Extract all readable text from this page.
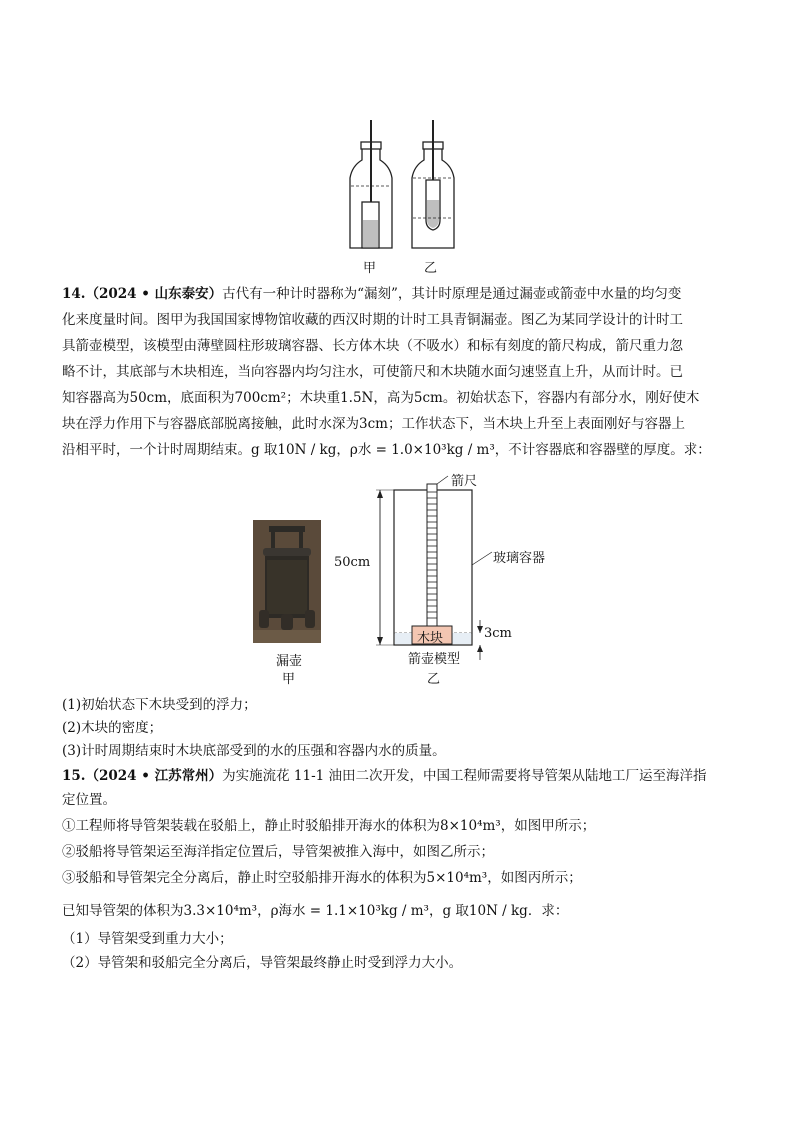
甲	乙
14.（2024 • 山东泰安）古代有一种计时器称为“漏刻”，其计时原理是通过漏壶或箭壶中水量的均匀变
化来度量时间。图甲为我国国家博物馆收藏的西汉时期的计时工具青铜漏壶。图乙为某同学设计的计时工
具箭壶模型，该模型由薄壁圆柱形玻璃容器、长方体木块（不吸水）和标有刻度的箭尺构成，箭尺重力忽
略不计，其底部与木块相连，当向容器内均匀注水，可使箭尺和木块随水面匀速竖直上升，从而计时。已
知容器高为50cm，底面积为700cm²；木块重1.5N，高为5cm。初始状态下，容器内有部分水，刚好使木
块在浮力作用下与容器底部脱离接触，此时水深为3cm；工作状态下，当木块上升至上表面刚好与容器上
沿相平时，一个计时周期结束。g 取10N / kg，ρ水 = 1.0×10³kg / m³，不计容器底和容器壁的厚度。求：
漏壶
甲
箭尺
50cm	玻璃容器
木块	3cm
箭壶模型
乙
(1)初始状态下木块受到的浮力；
(2)木块的密度；
(3)计时周期结束时木块底部受到的水的压强和容器内水的质量。
15.（2024 • 江苏常州）为实施流花 11-1 油田二次开发，中国工程师需要将导管架从陆地工厂运至海洋指
定位置。
①工程师将导管架装载在驳船上，静止时驳船排开海水的体积为8×10⁴m³，如图甲所示；
②驳船将导管架运至海洋指定位置后，导管架被推入海中，如图乙所示；
③驳船和导管架完全分离后，静止时空驳船排开海水的体积为5×10⁴m³，如图丙所示；
已知导管架的体积为3.3×10⁴m³，ρ海水 = 1.1×10³kg / m³，g 取10N / kg．求：
（1）导管架受到重力大小；
（2）导管架和驳船完全分离后，导管架最终静止时受到浮力大小。
